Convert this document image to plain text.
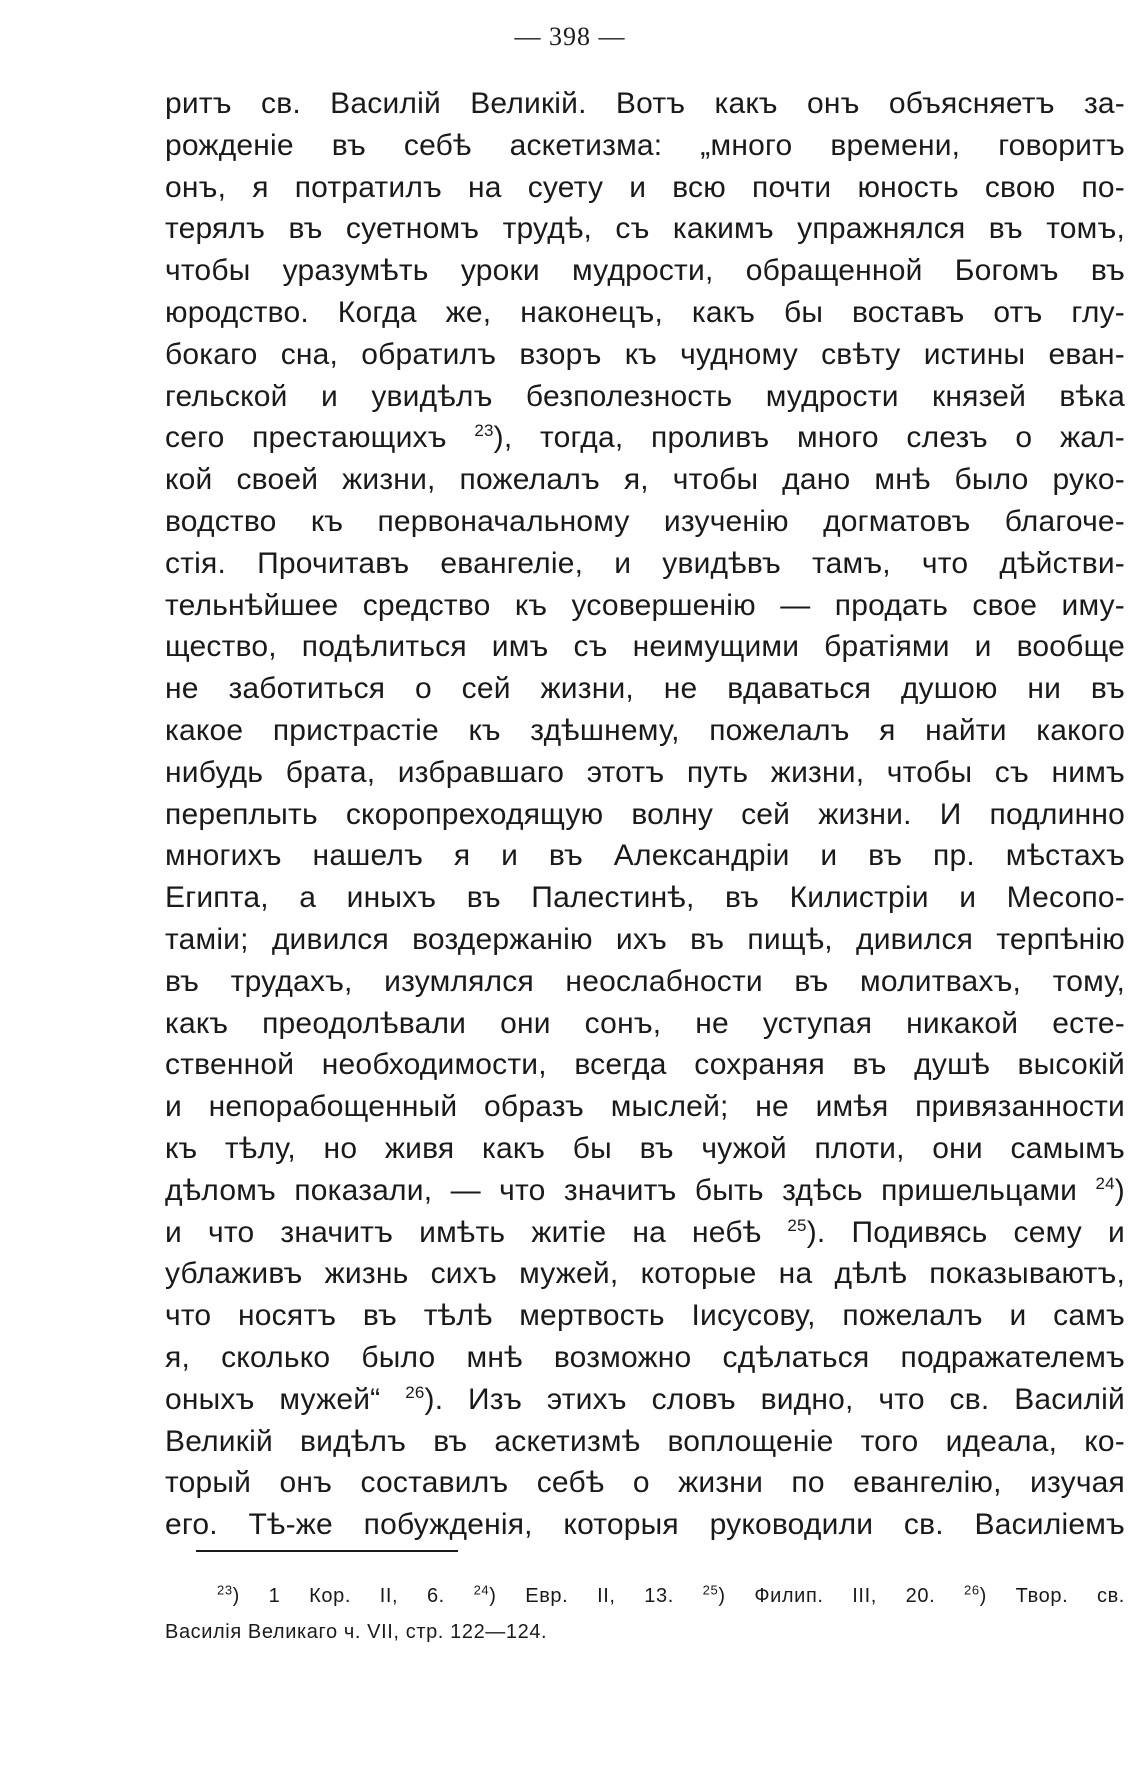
— 398 —
ритъ св. Василій Великій. Вотъ какъ онъ объясняетъ за-
рожденіе въ себѣ аскетизма: „много времени, говоритъ
онъ, я потратилъ на суету и всю почти юность свою по-
терялъ въ суетномъ трудѣ, съ какимъ упражнялся въ томъ,
чтобы уразумѣть уроки мудрости, обращенной Богомъ въ
юродство. Когда же, наконецъ, какъ бы воставъ отъ глу-
бокаго сна, обратилъ взоръ къ чудному свѣту истины еван-
гельской и увидѣлъ безполезность мудрости князей вѣка
сего престающихъ $^{23}$), тогда, проливъ много слезъ о жал-
кой своей жизни, пожелалъ я, чтобы дано мнѣ было руко-
водство къ первоначальному изученію догматовъ благоче-
стія. Прочитавъ евангеліе, и увидѣвъ тамъ, что дѣйстви-
тельнѣйшее средство къ усовершенію — продать свое иму-
щество, подѣлиться имъ съ неимущими братіями и вообще
не заботиться о сей жизни, не вдаваться душою ни въ
какое пристрастіе къ здѣшнему, пожелалъ я найти какого
нибудь брата, избравшаго этотъ путь жизни, чтобы съ нимъ
переплыть скоропреходящую волну сей жизни. И подлинно
многихъ нашелъ я и въ Александріи и въ пр. мѣстахъ
Египта, а иныхъ въ Палестинѣ, въ Килистріи и Месопо-
таміи; дивился воздержанію ихъ въ пищѣ, дивился терпѣнію
въ трудахъ, изумлялся неослабности въ молитвахъ, тому,
какъ преодолѣвали они сонъ, не уступая никакой есте-
ственной необходимости, всегда сохраняя въ душѣ высокій
и непорабощенный образъ мыслей; не имѣя привязанности
къ тѣлу, но живя какъ бы въ чужой плоти, они самымъ
дѣломъ показали, — что значитъ быть здѣсь пришельцами $^{24}$)
и что значитъ имѣть житіе на небѣ $^{25}$). Подивясь сему и
ублаживъ жизнь сихъ мужей, которые на дѣлѣ показываютъ,
что носятъ въ тѣлѣ мертвость Іисусову, пожелалъ и самъ
я, сколько было мнѣ возможно сдѣлаться подражателемъ
оныхъ мужей“ $^{26}$). Изъ этихъ словъ видно, что св. Василій
Великій видѣлъ въ аскетизмѣ воплощеніе того идеала, ко-
торый онъ составилъ себѣ о жизни по евангелію, изучая
его. Тѣ-же побужденія, которыя руководили св. Василіемъ
$^{23}$) 1 Кор. II, 6. $^{24}$) Евр. II, 13. $^{25}$) Филип. III, 20. $^{26}$) Твор. св.
Василія Великаго ч. VII, стр. 122—124.
